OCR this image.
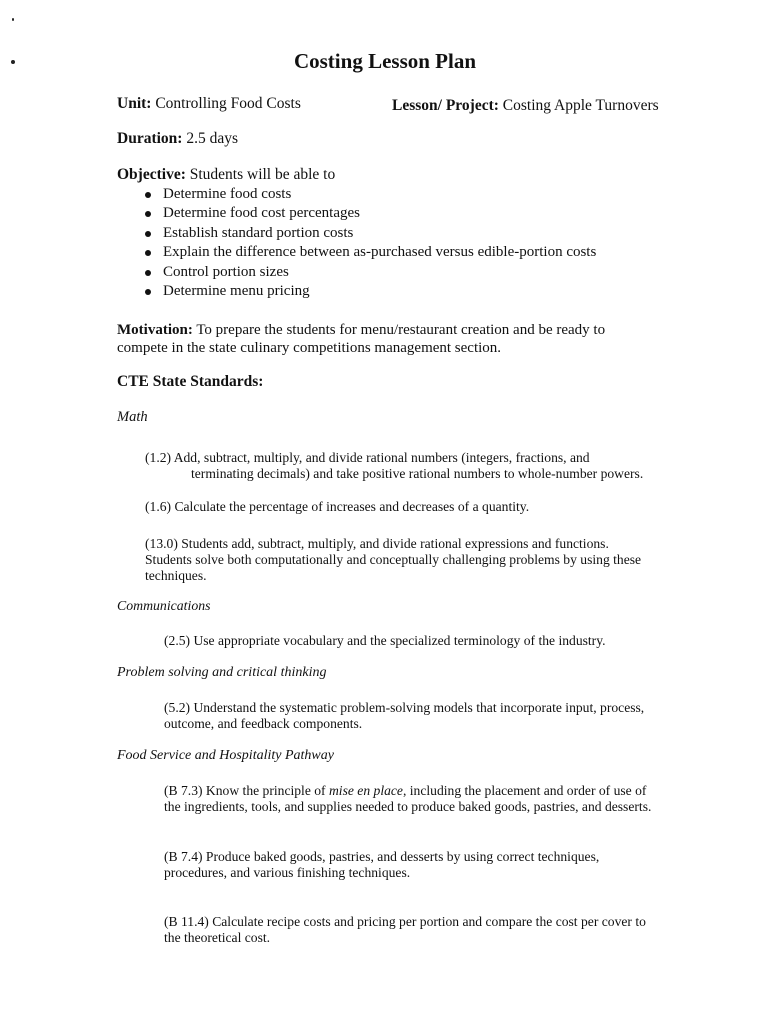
Costing Lesson Plan
Unit: Controlling Food Costs	Lesson/ Project: Costing Apple Turnovers
Duration: 2.5 days
Objective: Students will be able to
Determine food costs
Determine food cost percentages
Establish standard portion costs
Explain the difference between as-purchased versus edible-portion costs
Control portion sizes
Determine menu pricing
Motivation: To prepare the students for menu/restaurant creation and be ready to
compete in the state culinary competitions management section.
CTE State Standards:
Math
(1.2) Add, subtract, multiply, and divide rational numbers (integers, fractions, and
terminating decimals) and take positive rational numbers to whole-number powers.
(1.6) Calculate the percentage of increases and decreases of a quantity.
(13.0) Students add, subtract, multiply, and divide rational expressions and functions.
Students solve both computationally and conceptually challenging problems by using these
techniques.
Communications
(2.5) Use appropriate vocabulary and the specialized terminology of the industry.
Problem solving and critical thinking
(5.2) Understand the systematic problem-solving models that incorporate input, process,
outcome, and feedback components.
Food Service and Hospitality Pathway
(B 7.3) Know the principle of mise en place, including the placement and order of use of
the ingredients, tools, and supplies needed to produce baked goods, pastries, and desserts.
(B 7.4) Produce baked goods, pastries, and desserts by using correct techniques,
procedures, and various finishing techniques.
(B 11.4) Calculate recipe costs and pricing per portion and compare the cost per cover to
the theoretical cost.
